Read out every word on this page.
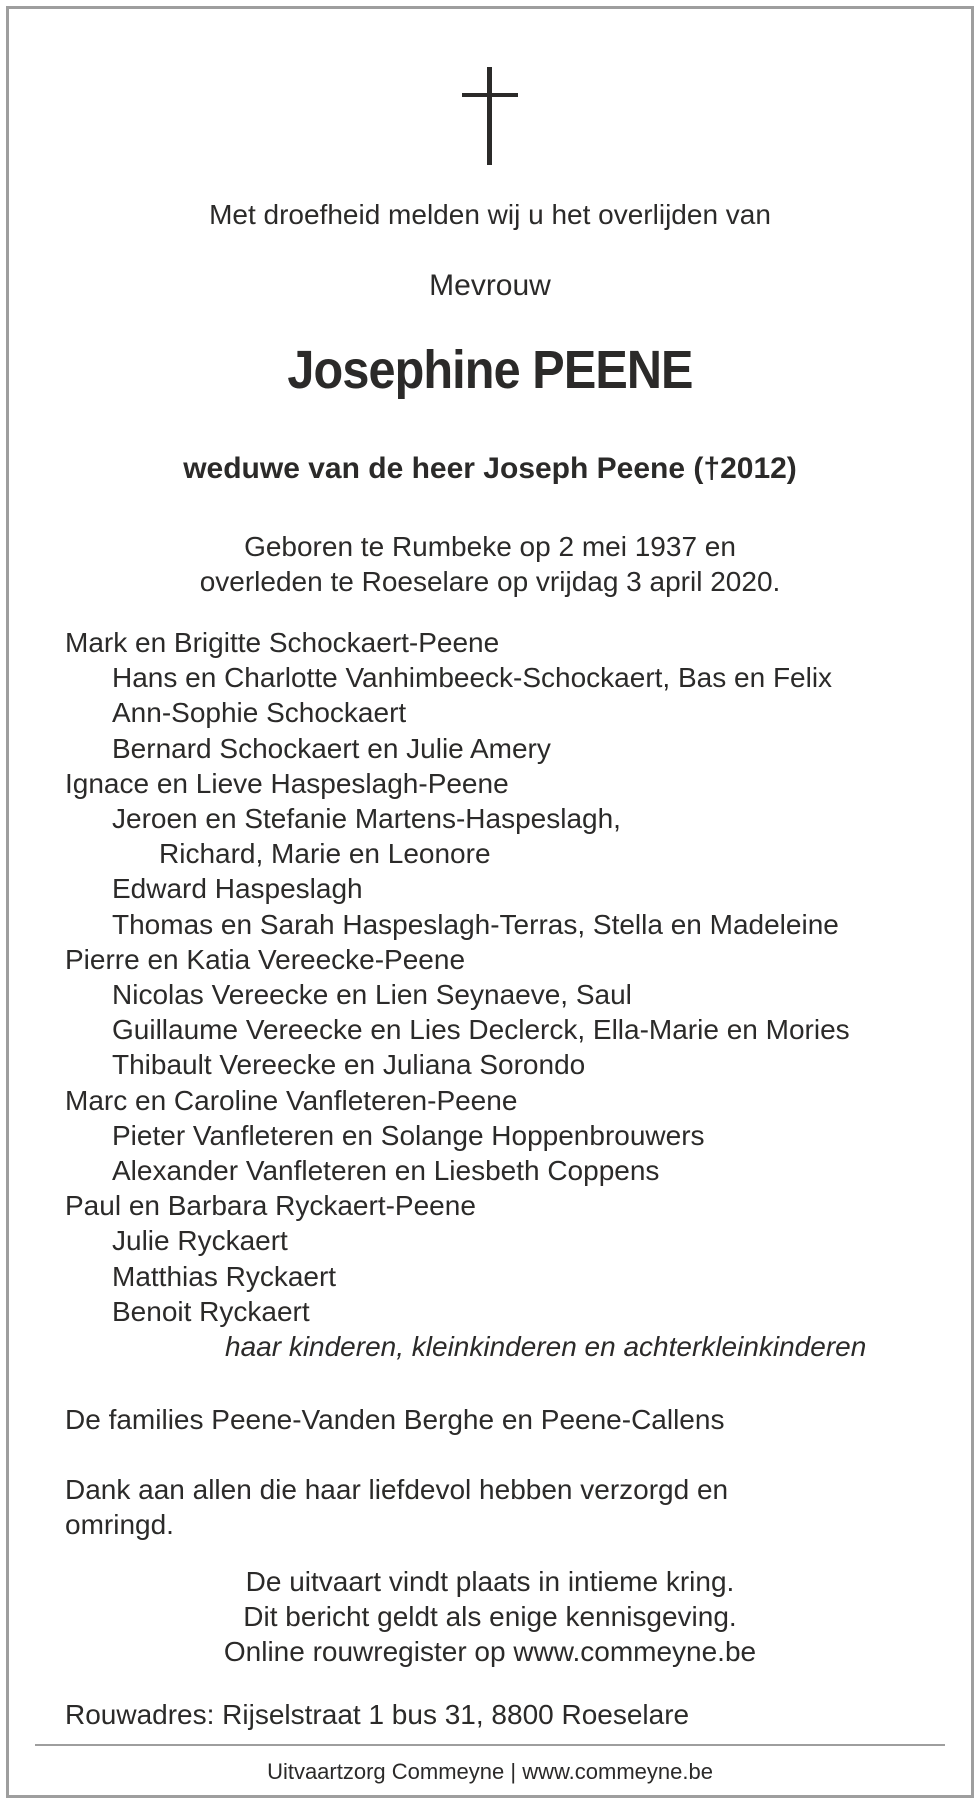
Met droefheid melden wij u het overlijden van
Mevrouw
Josephine PEENE
weduwe van de heer Joseph Peene (†2012)
Geboren te Rumbeke op 2 mei 1937 en
overleden te Roeselare op vrijdag 3 april 2020.
Mark en Brigitte Schockaert-Peene
Hans en Charlotte Vanhimbeeck-Schockaert, Bas en Felix
Ann-Sophie Schockaert
Bernard Schockaert en Julie Amery
Ignace en Lieve Haspeslagh-Peene
Jeroen en Stefanie Martens-Haspeslagh,
Richard, Marie en Leonore
Edward Haspeslagh
Thomas en Sarah Haspeslagh-Terras, Stella en Madeleine
Pierre en Katia Vereecke-Peene
Nicolas Vereecke en Lien Seynaeve, Saul
Guillaume Vereecke en Lies Declerck, Ella-Marie en Mories
Thibault Vereecke en Juliana Sorondo
Marc en Caroline Vanfleteren-Peene
Pieter Vanfleteren en Solange Hoppenbrouwers
Alexander Vanfleteren en Liesbeth Coppens
Paul en Barbara Ryckaert-Peene
Julie Ryckaert
Matthias Ryckaert
Benoit Ryckaert
haar kinderen, kleinkinderen en achterkleinkinderen
De families Peene-Vanden Berghe en Peene-Callens
Dank aan allen die haar liefdevol hebben verzorgd en
omringd.
De uitvaart vindt plaats in intieme kring.
Dit bericht geldt als enige kennisgeving.
Online rouwregister op www.commeyne.be
Rouwadres: Rijselstraat 1 bus 31, 8800 Roeselare
Uitvaartzorg Commeyne | www.commeyne.be
